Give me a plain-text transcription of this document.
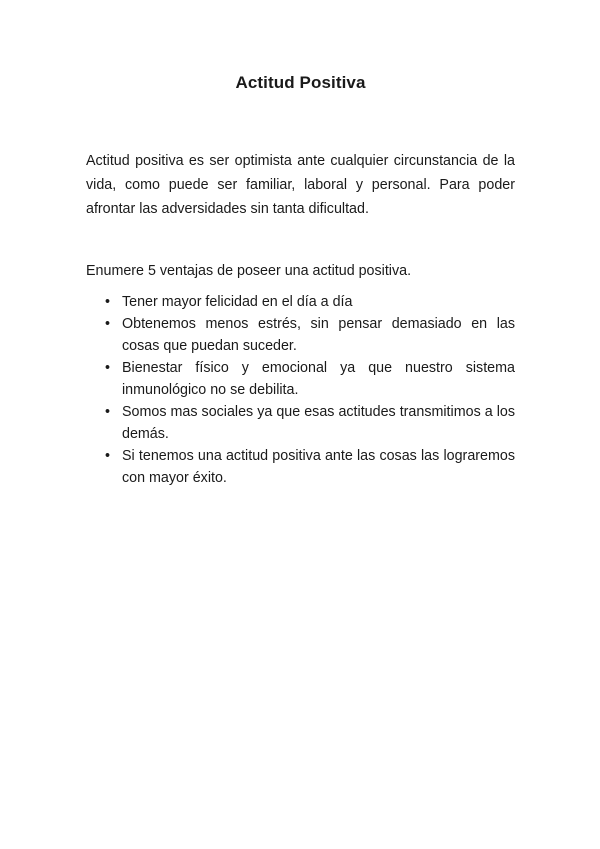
Actitud Positiva

Actitud positiva es ser optimista ante cualquier circunstancia de la vida, como puede ser familiar, laboral y personal. Para poder afrontar las adversidades sin tanta dificultad.

Enumere 5 ventajas de poseer una actitud positiva.

• Tener mayor felicidad en el día a día
• Obtenemos menos estrés, sin pensar demasiado en las cosas que puedan suceder.
• Bienestar físico y emocional ya que nuestro sistema inmunológico no se debilita.
• Somos mas sociales ya que esas actitudes transmitimos a los demás.
• Si tenemos una actitud positiva ante las cosas las lograremos con mayor éxito.
